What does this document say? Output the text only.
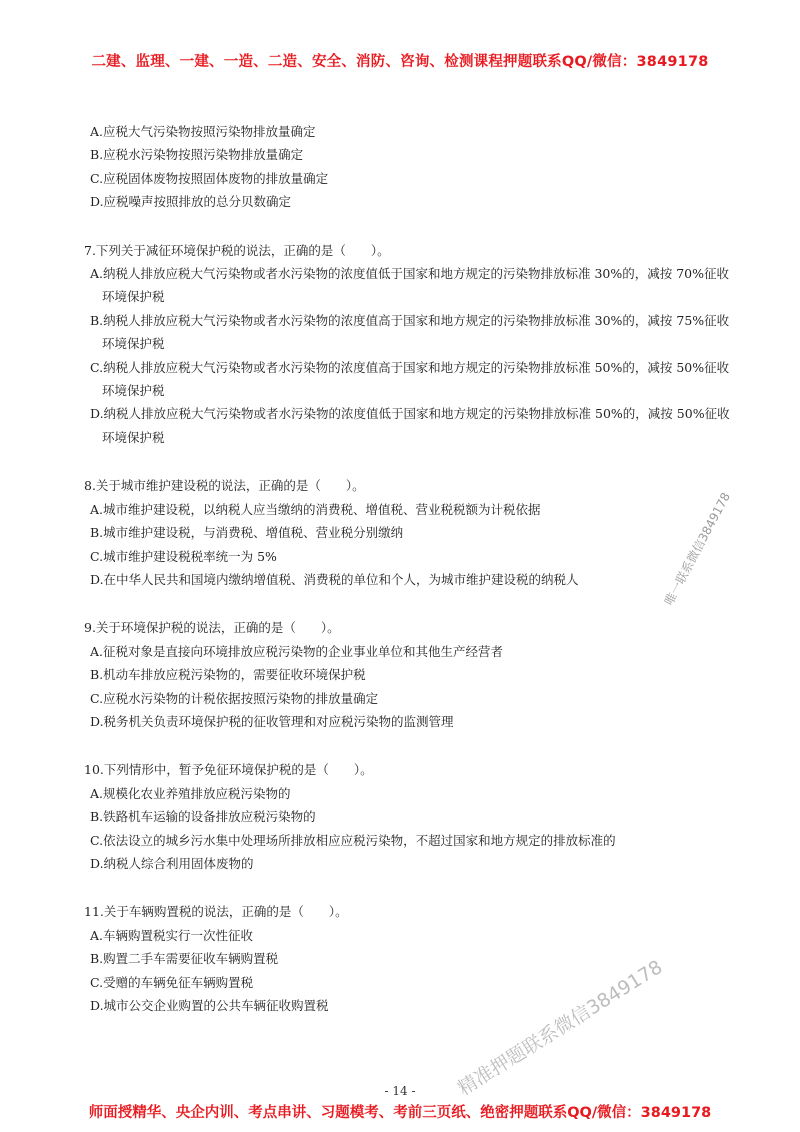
二建、监理、一建、一造、二造、安全、消防、咨询、检测课程押题联系QQ/微信：3849178
A.应税大气污染物按照污染物排放量确定
B.应税水污染物按照污染物排放量确定
C.应税固体废物按照固体废物的排放量确定
D.应税噪声按照排放的总分贝数确定
7.下列关于减征环境保护税的说法，正确的是（　　）。
A.纳税人排放应税大气污染物或者水污染物的浓度值低于国家和地方规定的污染物排放标准 30%的，减按 70%征收环境保护税
B.纳税人排放应税大气污染物或者水污染物的浓度值高于国家和地方规定的污染物排放标准 30%的，减按 75%征收环境保护税
C.纳税人排放应税大气污染物或者水污染物的浓度值高于国家和地方规定的污染物排放标准 50%的，减按 50%征收环境保护税
D.纳税人排放应税大气污染物或者水污染物的浓度值低于国家和地方规定的污染物排放标准 50%的，减按 50%征收环境保护税
8.关于城市维护建设税的说法，正确的是（　　）。
A.城市维护建设税，以纳税人应当缴纳的消费税、增值税、营业税税额为计税依据
B.城市维护建设税，与消费税、增值税、营业税分别缴纳
C.城市维护建设税税率统一为 5%
D.在中华人民共和国境内缴纳增值税、消费税的单位和个人，为城市维护建设税的纳税人
9.关于环境保护税的说法，正确的是（　　）。
A.征税对象是直接向环境排放应税污染物的企业事业单位和其他生产经营者
B.机动车排放应税污染物的，需要征收环境保护税
C.应税水污染物的计税依据按照污染物的排放量确定
D.税务机关负责环境保护税的征收管理和对应税污染物的监测管理
10.下列情形中，暂予免征环境保护税的是（　　）。
A.规模化农业养殖排放应税污染物的
B.铁路机车运输的设备排放应税污染物的
C.依法设立的城乡污水集中处理场所排放相应应税污染物，不超过国家和地方规定的排放标准的
D.纳税人综合利用固体废物的
11.关于车辆购置税的说法，正确的是（　　）。
A.车辆购置税实行一次性征收
B.购置二手车需要征收车辆购置税
C.受赠的车辆免征车辆购置税
D.城市公交企业购置的公共车辆征收购置税
唯一联系微信3849178
精准押题联系微信3849178
- 14 -
师面授精华、央企内训、考点串讲、习题模考、考前三页纸、绝密押题联系QQ/微信：3849178
